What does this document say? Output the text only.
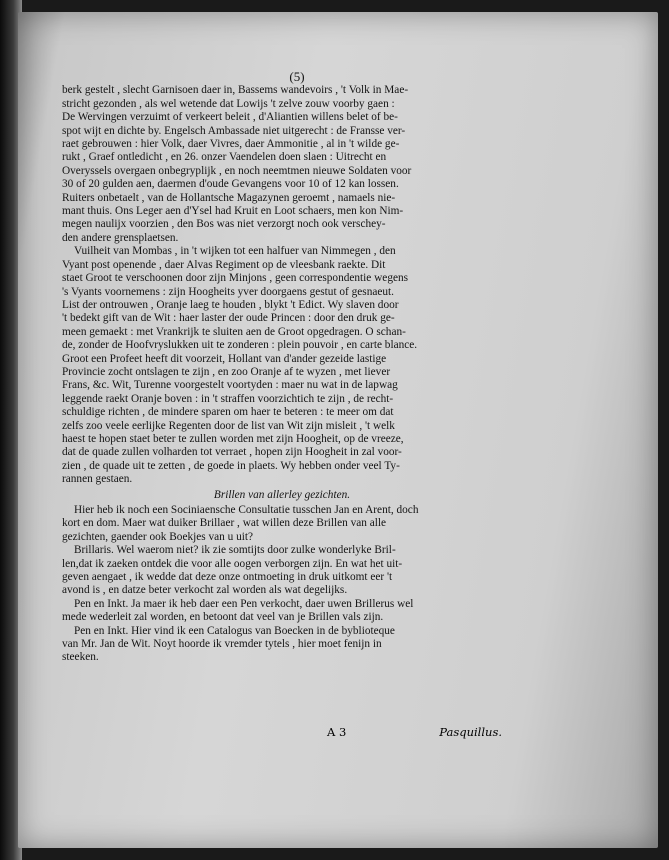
(5)
berk gestelt , slecht Garnisoen daer in, Bassems wandevoirs , 't Volk in Mae-
stricht gezonden , als wel wetende dat Lowijs 't zelve zouw voorby gaen :
De Wervingen verzuimt of verkeert beleit , d'Aliantien willens belet of be-
spot wijt en dichte by. Engelsch Ambassade niet uitgerecht : de Fransse ver-
raet gebrouwen : hier Volk, daer Vivres, daer Ammonitie , al in 't wilde ge-
rukt , Graef ontledicht , en 26. onzer Vaendelen doen slaen : Uitrecht en
Overyssels overgaen onbegryplijk , en noch neemtmen nieuwe Soldaten voor
30 of 20 gulden aen, daermen d'oude Gevangens voor 10 of 12 kan lossen.
Ruiters onbetaelt , van de Hollantsche Magazynen geroemt , namaels nie-
mant thuis. Ons Leger aen d'Ysel had Kruit en Loot schaers, men kon Nim-
megen naulijx voorzien , den Bos was niet verzorgt noch ook verschey-
den andere grensplaetsen.
Vuilheit van Mombas , in 't wijken tot een halfuer van Nimmegen , den
Vyant post openende , daer Alvas Regiment op de vleesbank raekte. Dit
staet Groot te verschoonen door zijn Minjons , geen correspondentie wegens
's Vyants voornemens : zijn Hoogheits yver doorgaens gestut of gesnaeut.
List der ontrouwen , Oranje laeg te houden , blykt 't Edict. Wy slaven door
't bedekt gift van de Wit : haer laster der oude Princen : door den druk ge-
meen gemaekt : met Vrankrijk te sluiten aen de Groot opgedragen. O schan-
de, zonder de Hoofvryslukken uit te zonderen : plein pouvoir , en carte blance.
Groot een Profeet heeft dit voorzeit, Hollant van d'ander gezeide lastige
Provincie zocht ontslagen te zijn , en zoo Oranje af te wyzen , met liever
Frans, &c. Wit, Turenne voorgestelt voortyden : maer nu wat in de lapwag
leggende raekt Oranje boven : in 't straffen voorzichtich te zijn , de recht-
schuldige richten , de mindere sparen om haer te beteren : te meer om dat
zelfs zoo veele eerlijke Regenten door de list van Wit zijn misleit , 't welk
haest te hopen staet beter te zullen worden met zijn Hoogheit, op de vreeze,
dat de quade zullen volharden tot verraet , hopen zijn Hoogheit in zal voor-
zien , de quade uit te zetten , de goede in plaets. Wy hebben onder veel Ty-
rannen gestaen.
Brillen van allerley gezichten.
Hier heb ik noch een Sociniaensche Consultatie tusschen Jan en Arent, doch
kort en dom. Maer wat duiker Brillaer , wat willen deze Brillen van alle
gezichten, gaender ook Boekjes van u uit?
Brillaris. Wel waerom niet? ik zie somtijts door zulke wonderlyke Bril-
len,dat ik zaeken ontdek die voor alle oogen verborgen zijn. En wat het uit-
geven aengaet , ik wedde dat deze onze ontmoeting in druk uitkomt eer 't
avond is , en datze beter verkocht zal worden als wat degelijks.
Pen en Inkt. Ja maer ik heb daer een Pen verkocht, daer uwen Brillerus wel
mede wederleit zal worden, en betoont dat veel van je Brillen vals zijn.
Pen en Inkt. Hier vind ik een Catalogus van Boecken in de byblioteque
van Mr. Jan de Wit. Noyt hoorde ik vremder tytels , hier moet fenijn in
steeken.
A 3	Pasquillus.
